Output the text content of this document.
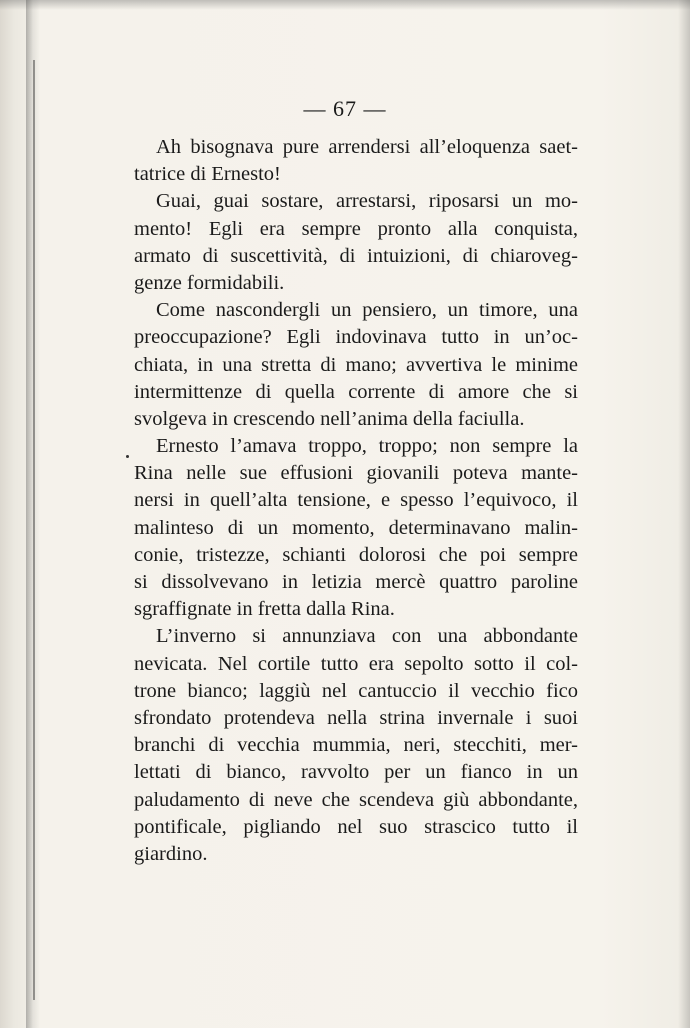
— 67 —
Ah bisognava pure arrendersi all’eloquenza saet-
tatrice di Ernesto!
Guai, guai sostare, arrestarsi, riposarsi un mo-
mento! Egli era sempre pronto alla conquista,
armato di suscettività, di intuizioni, di chiaroveg-
genze formidabili.
Come nascondergli un pensiero, un timore, una
preoccupazione? Egli indovinava tutto in un’oc-
chiata, in una stretta di mano; avvertiva le minime
intermittenze di quella corrente di amore che si
svolgeva in crescendo nell’anima della faciulla.
Ernesto l’amava troppo, troppo; non sempre la
Rina nelle sue effusioni giovanili poteva mante-
nersi in quell’alta tensione, e spesso l’equivoco, il
malinteso di un momento, determinavano malin-
conie, tristezze, schianti dolorosi che poi sempre
si dissolvevano in letizia mercè quattro paroline
sgraffignate in fretta dalla Rina.
L’inverno si annunziava con una abbondante
nevicata. Nel cortile tutto era sepolto sotto il col-
trone bianco; laggiù nel cantuccio il vecchio fico
sfrondato protendeva nella strina invernale i suoi
branchi di vecchia mummia, neri, stecchiti, mer-
lettati di bianco, ravvolto per un fianco in un
paludamento di neve che scendeva giù abbondante,
pontificale, pigliando nel suo strascico tutto il
giardino.
